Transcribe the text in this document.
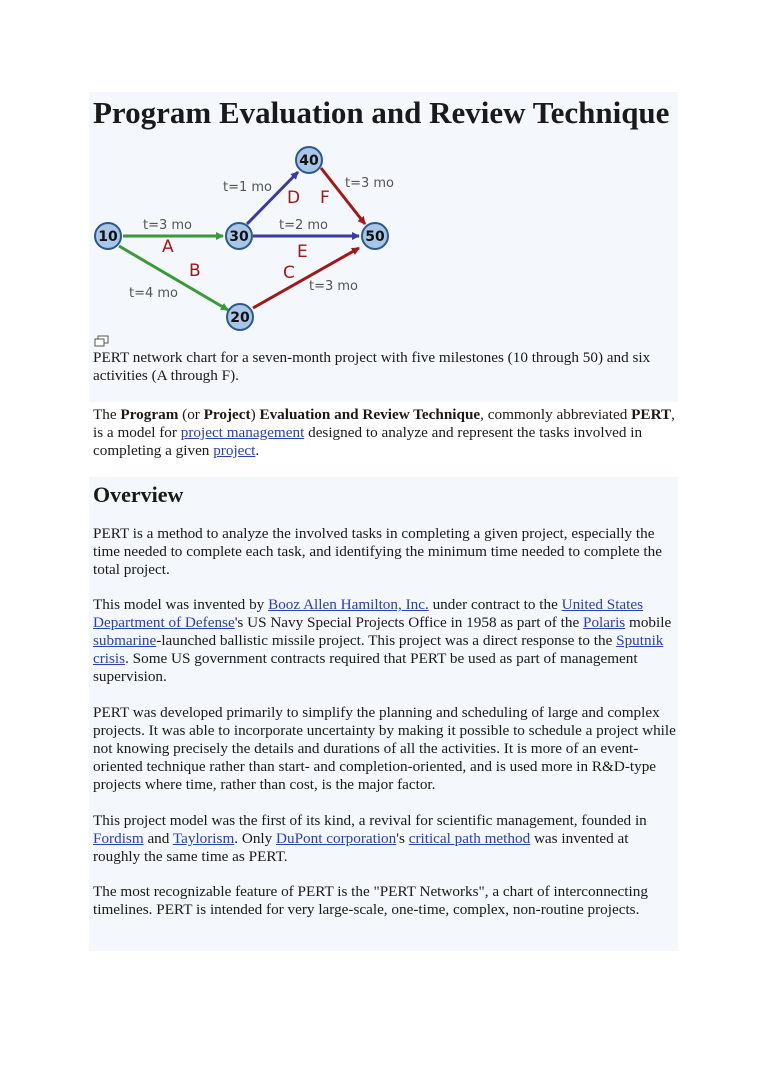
Program Evaluation and Review Technique
t=3 mo
t=4 mo	t=3 mo
t=1 mo
t=2 mo
t=3 mo
A
B	C
D
E
F
10
20
30
40
50

PERT network chart for a seven-month project with five milestones (10 through 50) and six activities (A through F).

The Program (or Project) Evaluation and Review Technique, commonly abbreviated PERT, is a model for project management designed to analyze and represent the tasks involved in completing a given project.

Overview

PERT is a method to analyze the involved tasks in completing a given project, especially the time needed to complete each task, and identifying the minimum time needed to complete the total project.

This model was invented by Booz Allen Hamilton, Inc. under contract to the United States Department of Defense's US Navy Special Projects Office in 1958 as part of the Polaris mobile submarine-launched ballistic missile project. This project was a direct response to the Sputnik crisis. Some US government contracts required that PERT be used as part of management supervision.

PERT was developed primarily to simplify the planning and scheduling of large and complex projects. It was able to incorporate uncertainty by making it possible to schedule a project while not knowing precisely the details and durations of all the activities. It is more of an event-oriented technique rather than start- and completion-oriented, and is used more in R&D-type projects where time, rather than cost, is the major factor.

This project model was the first of its kind, a revival for scientific management, founded in Fordism and Taylorism. Only DuPont corporation's critical path method was invented at roughly the same time as PERT.

The most recognizable feature of PERT is the "PERT Networks", a chart of interconnecting timelines. PERT is intended for very large-scale, one-time, complex, non-routine projects.
